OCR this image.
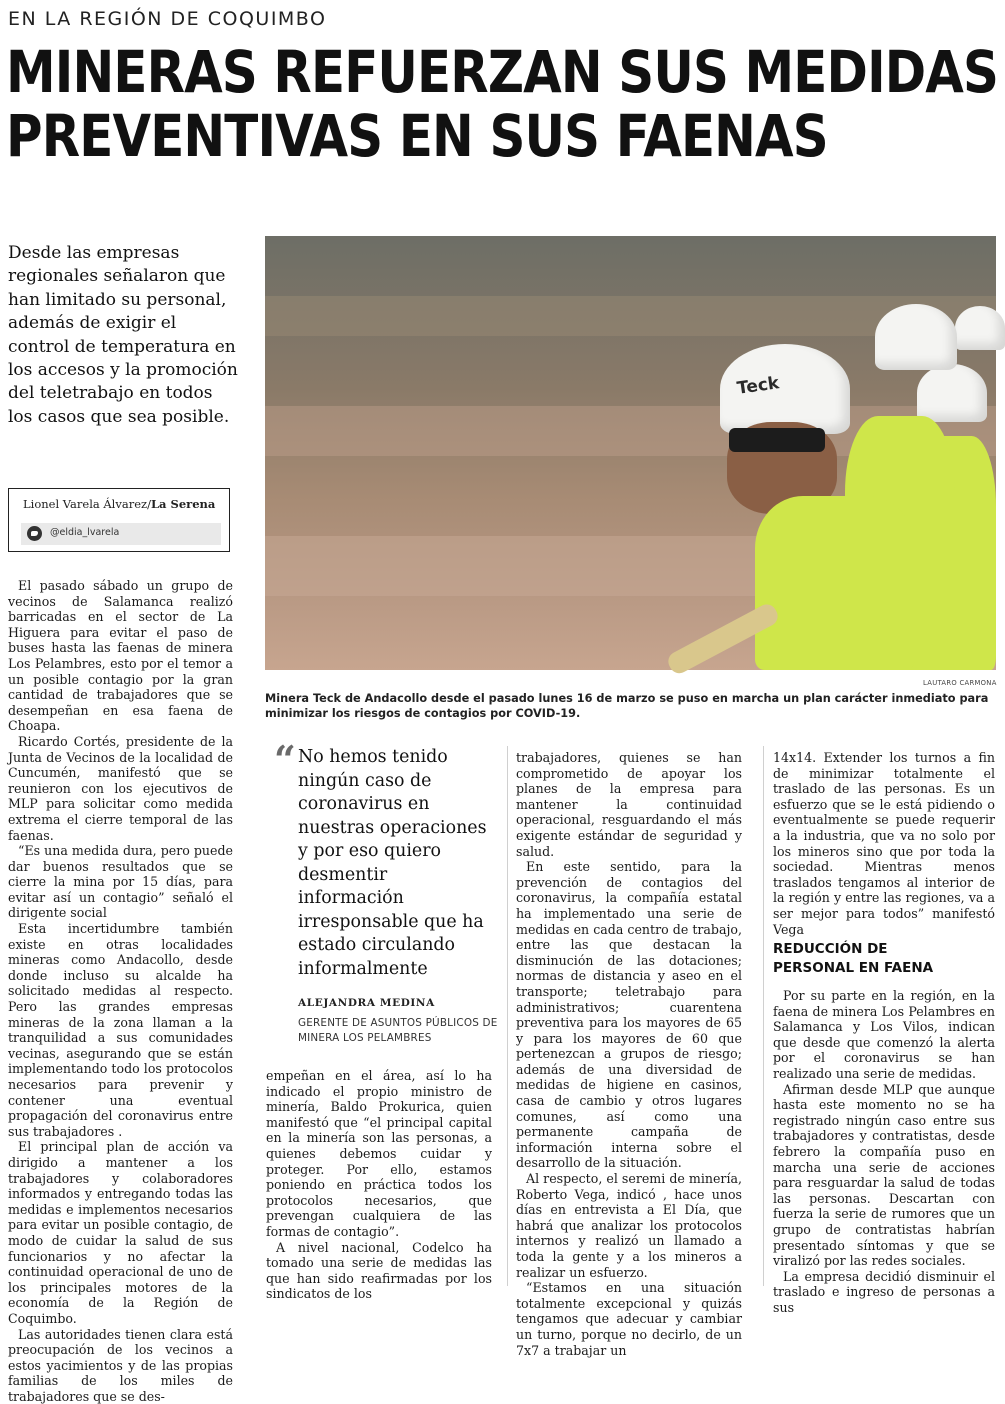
EN LA REGIÓN DE COQUIMBO
MINERAS REFUERZAN SUS MEDIDAS
PREVENTIVAS EN SUS FAENAS
Desde las empresas regionales señalaron que han limitado su personal, además de exigir el control de temperatura en los accesos y la promoción del teletrabajo en todos los casos que sea posible.
Lionel Varela Álvarez/La Serena
@eldia_lvarela

El pasado sábado un grupo de vecinos de Salamanca realizó barricadas en el sector de La Higuera para evitar el paso de buses hasta las faenas de minera Los Pelambres, esto por el temor a un posible contagio por la gran cantidad de trabajadores que se desempeñan en esa faena de Choapa.

Ricardo Cortés, presidente de la Junta de Vecinos de la localidad de Cuncumén, manifestó que se reunieron con los ejecutivos de MLP para solicitar como medida extrema el cierre temporal de las faenas.

“Es una medida dura, pero puede dar buenos resultados que se cierre la mina por 15 días, para evitar así un contagio” señaló el dirigente social

Esta incertidumbre también existe en otras localidades mineras como Andacollo, desde donde incluso su alcalde ha solicitado medidas al respecto. Pero las grandes empresas mineras de la zona llaman a la tranquilidad a sus comunidades vecinas, asegurando que se están implementando todo los protocolos necesarios para prevenir y contener una eventual propagación del coronavirus entre sus trabajadores .

El principal plan de acción va dirigido a mantener a los trabajadores y colaboradores informados y entregando todas las medidas e implementos necesarios para evitar un posible contagio, de modo de cuidar la salud de sus funcionarios y no afectar la continuidad operacional de uno de los principales motores de la economía de la Región de Coquimbo.

Las autoridades tienen clara está preocupación de los vecinos a estos yacimientos y de las propias familias de los miles de trabajadores que se des-

Teck
LAUTARO CARMONA
Minera Teck de Andacollo desde el pasado lunes 16 de marzo se puso en marcha un plan carácter inmediato para minimizar los riesgos de contagios por COVID-19.
“ No hemos tenido ningún caso de coronavirus en nuestras operaciones y por eso quiero desmentir información irresponsable que ha estado circulando informalmente
ALEJANDRA MEDINA
GERENTE DE ASUNTOS PÚBLICOS DE MINERA LOS PELAMBRES

empeñan en el área, así lo ha indicado el propio ministro de minería, Baldo Prokurica, quien manifestó que “el principal capital en la minería son las personas, a quienes debemos cuidar y proteger. Por ello, estamos poniendo en práctica todos los protocolos necesarios, que prevengan cualquiera de las formas de contagio”.

A nivel nacional, Codelco ha tomado una serie de medidas las que han sido reafirmadas por los sindicatos de los

trabajadores, quienes se han comprometido de apoyar los planes de la empresa para mantener la continuidad operacional, resguardando el más exigente estándar de seguridad y salud.

En este sentido, para la prevención de contagios del coronavirus, la compañía estatal ha implementado una serie de medidas en cada centro de trabajo, entre las que destacan la disminución de las dotaciones; normas de distancia y aseo en el transporte; teletrabajo para administrativos; cuarentena preventiva para los mayores de 65 y para los mayores de 60 que pertenezcan a grupos de riesgo; además de una diversidad de medidas de higiene en casinos, casa de cambio y otros lugares comunes, así como una permanente campaña de información interna sobre el desarrollo de la situación.

Al respecto, el seremi de minería, Roberto Vega, indicó , hace unos días en entrevista a El Día, que habrá que analizar los protocolos internos y realizó un llamado a toda la gente y a los mineros a realizar un esfuerzo.

“Estamos en una situación totalmente excepcional y quizás tengamos que adecuar y cambiar un turno, porque no decirlo, de un 7x7 a trabajar un

14x14. Extender los turnos a fin de minimizar totalmente el traslado de las personas. Es un esfuerzo que se le está pidiendo o eventualmente se puede requerir a la industria, que va no solo por los mineros sino que por toda la sociedad. Mientras menos traslados tengamos al interior de la región y entre las regiones, va a ser mejor para todos” manifestó Vega

REDUCCIÓN DE
PERSONAL EN FAENA

Por su parte en la región, en la faena de minera Los Pelambres en Salamanca y Los Vilos, indican que desde que comenzó la alerta por el coronavirus se han realizado una serie de medidas.

Afirman desde MLP que aunque hasta este momento no se ha registrado ningún caso entre sus trabajadores y contratistas, desde febrero la compañía puso en marcha una serie de acciones para resguardar la salud de todas las personas. Descartan con fuerza la serie de rumores que un grupo de contratistas habrían presentado síntomas y que se viralizó por las redes sociales.

La empresa decidió disminuir el traslado e ingreso de personas a sus
